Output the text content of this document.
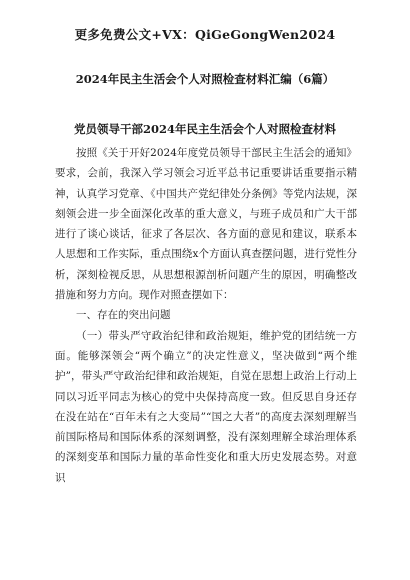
更多免费公文+VX：QiGeGongWen2024
2024年民主生活会个人对照检查材料汇编（6篇）
党员领导干部2024年民主生活会个人对照检查材料

按照《关于开好2024年度党员领导干部民主生活会的通知》要求，会前，我深入学习领会习近平总书记重要讲话重要指示精神，认真学习党章、《中国共产党纪律处分条例》等党内法规，深刻领会进一步全面深化改革的重大意义，与班子成员和广大干部进行了谈心谈话，征求了各层次、各方面的意见和建议，联系本人思想和工作实际，重点围绕x个方面认真查摆问题，进行党性分析，深刻检视反思，从思想根源剖析问题产生的原因，明确整改措施和努力方向。现作对照查摆如下：

一、存在的突出问题

（一）带头严守政治纪律和政治规矩，维护党的团结统一方面。能够深领会“两个确立”的决定性意义，坚决做到“两个维护”，带头严守政治纪律和政治规矩，自觉在思想上政治上行动上同以习近平同志为核心的党中央保持高度一致。但反思自身还存在没在站在“百年未有之大变局”“国之大者”的高度去深刻理解当前国际格局和国际体系的深刻调整，没有深刻理解全球治理体系的深刻变革和国际力量的革命性变化和重大历史发展态势。对意识
